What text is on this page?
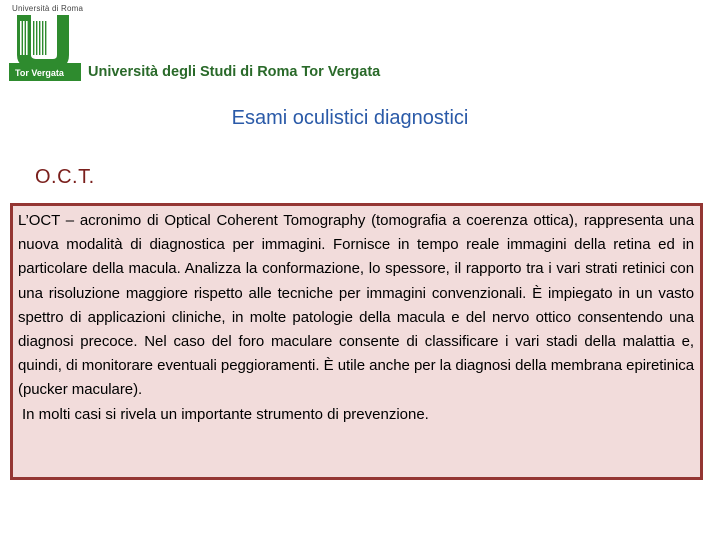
Tor Vergata
Università di Roma
Università degli Studi di Roma Tor Vergata
Esami oculistici diagnostici
O.C.T.

L’OCT – acronimo di Optical Coherent Tomography (tomografia a coerenza ottica), rappresenta una nuova modalità di diagnostica per immagini. Fornisce in tempo reale immagini della retina ed in particolare della macula. Analizza la conformazione, lo spessore, il rapporto tra i vari strati retinici con una risoluzione maggiore rispetto alle tecniche per immagini convenzionali. È impiegato in un vasto spettro di applicazioni cliniche, in molte patologie della macula e del nervo ottico consentendo una diagnosi precoce. Nel caso del foro maculare consente di classificare i vari stadi della malattia e, quindi, di monitorare eventuali peggioramenti. È utile anche per la diagnosi della membrana epiretinica (pucker maculare).

In molti casi si rivela un importante strumento di prevenzione.
